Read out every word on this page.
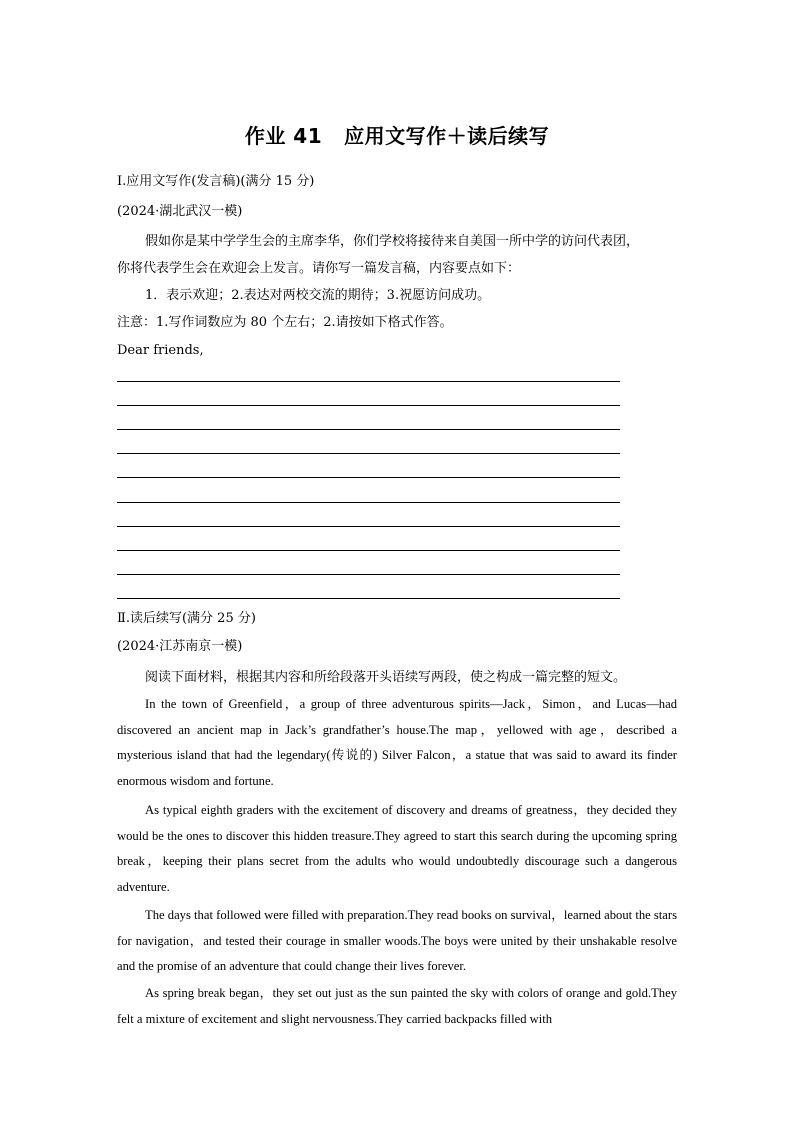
作业 41 应用文写作＋读后续写
Ⅰ.应用文写作(发言稿)(满分 15 分)
(2024·湖北武汉一模)
假如你是某中学学生会的主席李华，你们学校将接待来自美国一所中学的访问代表团，
你将代表学生会在欢迎会上发言。请你写一篇发言稿，内容要点如下：
1．表示欢迎；2.表达对两校交流的期待；3.祝愿访问成功。
注意：1.写作词数应为 80 个左右；2.请按如下格式作答。
Dear friends,
Ⅱ.读后续写(满分 25 分)
(2024·江苏南京一模)
阅读下面材料，根据其内容和所给段落开头语续写两段，使之构成一篇完整的短文。
In the town of Greenfield，a group of three adventurous spirits—Jack，Simon，and Lucas—had discovered an ancient map in Jack’s grandfather’s house.The map，yellowed with age，described a mysterious island that had the legendary(传说的) Silver Falcon，a statue that was said to award its finder enormous wisdom and fortune.
As typical eighth graders with the excitement of discovery and dreams of greatness，they decided they would be the ones to discover this hidden treasure.They agreed to start this search during the upcoming spring break，keeping their plans secret from the adults who would undoubtedly discourage such a dangerous adventure.
The days that followed were filled with preparation.They read books on survival，learned about the stars for navigation，and tested their courage in smaller woods.The boys were united by their unshakable resolve and the promise of an adventure that could change their lives forever.
As spring break began，they set out just as the sun painted the sky with colors of orange and gold.They felt a mixture of excitement and slight nervousness.They carried backpacks filled with
